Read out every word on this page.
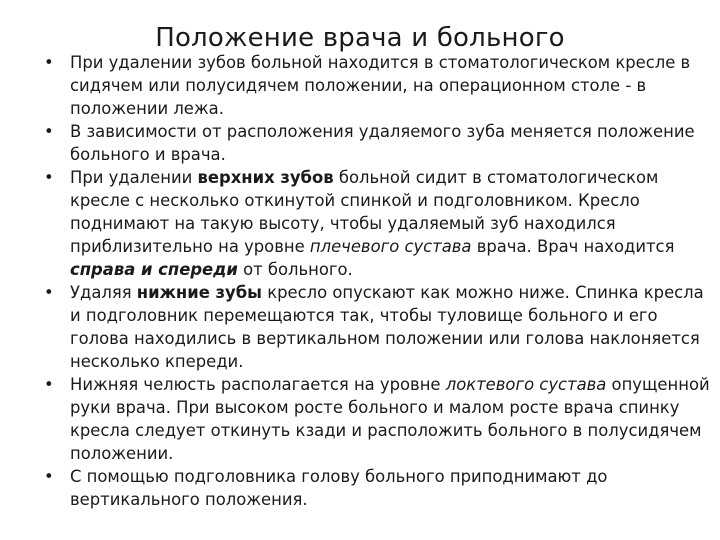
Положение врача и больного
• При удалении зубов больной находится в стоматологическом кресле в сидячем или полусидячем положении, на операционном столе - в положении лежа.
• В зависимости от расположения удаляемого зуба меняется положение больного и врача.
• При удалении верхних зубов больной сидит в стоматологическом кресле с несколько откинутой спинкой и подголовником. Кресло поднимают на такую высоту, чтобы удаляемый зуб находился приблизительно на уровне плечевого сустава врача. Врач находится справа и спереди от больного.
• Удаляя нижние зубы кресло опускают как можно ниже. Спинка кресла и подголовник перемещаются так, чтобы туловище больного и его голова находились в вертикальном положении или голова наклоняется несколько кпереди.
• Нижняя челюсть располагается на уровне локтевого сустава опущенной руки врача. При высоком росте больного и малом росте врача спинку кресла следует откинуть кзади и расположить больного в полусидячем положении.
• С помощью подголовника голову больного приподнимают до вертикального положения.
